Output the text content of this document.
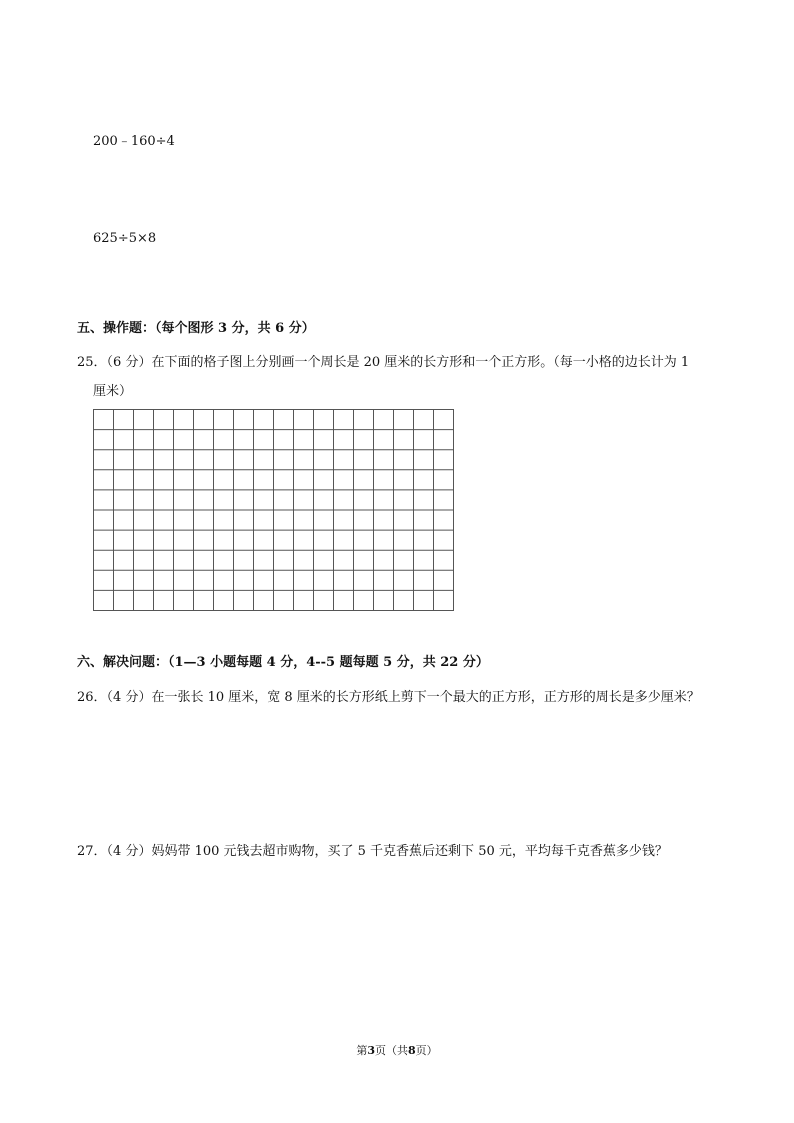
200﹣160÷4
625÷5×8
五、操作题：（每个图形 3 分，共 6 分）
25．（6 分）在下面的格子图上分别画一个周长是 20 厘米的长方形和一个正方形。（每一小格的边长计为 1
厘米）
六、解决问题：（1—3 小题每题 4 分，4--5 题每题 5 分，共 22 分）
26．（4 分）在一张长 10 厘米，宽 8 厘米的长方形纸上剪下一个最大的正方形，正方形的周长是多少厘米？
27．（4 分）妈妈带 100 元钱去超市购物，买了 5 千克香蕉后还剩下 50 元，平均每千克香蕉多少钱？
第3页（共8页）
